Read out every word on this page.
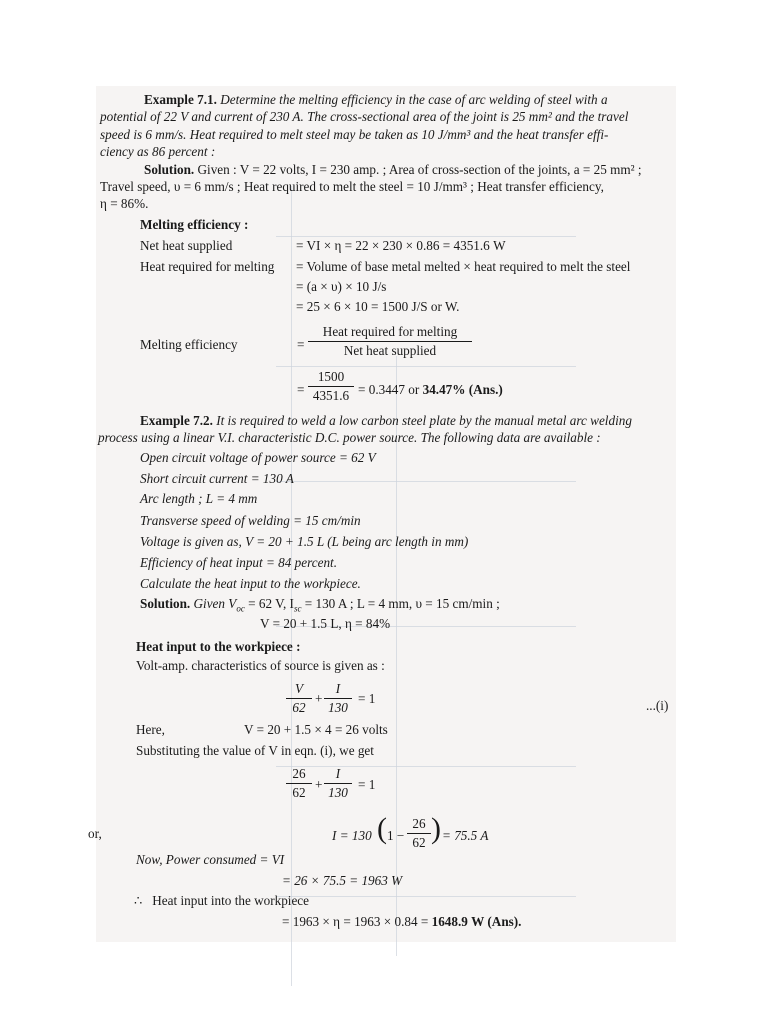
Example 7.1. Determine the melting efficiency in the case of arc welding of steel with a
potential of 22 V and current of 230 A. The cross-sectional area of the joint is 25 mm² and the travel
speed is 6 mm/s. Heat required to melt steel may be taken as 10 J/mm³ and the heat transfer effi-
ciency as 86 percent :
Solution. Given : V = 22 volts, I = 230 amp. ; Area of cross-section of the joints, a = 25 mm² ;
Travel speed, υ = 6 mm/s ; Heat required to melt the steel = 10 J/mm³ ; Heat transfer efficiency,
η = 86%.
Melting efficiency :
Net heat supplied	= VI × η = 22 × 230 × 0.86 = 4351.6 W
Heat required for melting = Volume of base metal melted × heat required to melt the steel
= (a × υ) × 10 J/s
= 25 × 6 × 10 = 1500 J/S or W.
Melting efficiency	=
Heat required for melting
Net heat supplied
=
1500
4351.6 = 0.3447 or 34.47% (Ans.)
Example 7.2. It is required to weld a low carbon steel plate by the manual metal arc welding
process using a linear V.I. characteristic D.C. power source. The following data are available :
Open circuit voltage of power source = 62 V
Short circuit current = 130 A
Arc length ; L = 4 mm
Transverse speed of welding = 15 cm/min
Voltage is given as, V = 20 + 1.5 L (L being arc length in mm)
Efficiency of heat input = 84 percent.
Calculate the heat input to the workpiece.
Solution. Given $V_{oc} = 62$ V, $I_{sc} = 130$ A ; L = 4 mm, υ = 15 cm/min ;
V = 20 + 1.5 L, η = 84%
Heat input to the workpiece :
Volt-amp. characteristics of source is given as :
V
62
+
I
130
= 1	...(i)
Here,	V = 20 + 1.5 × 4 = 26 volts
Substituting the value of V in eqn. (i), we get
26
62
+
I
130
= 1
or,	I = 130 ( 1 −
26
62 ) = 75.5 A
Now, Power consumed = VI
= 26 × 75.5 = 1963 W
∴ Heat input into the workpiece
= 1963 × η = 1963 × 0.84 = 1648.9 W (Ans).
